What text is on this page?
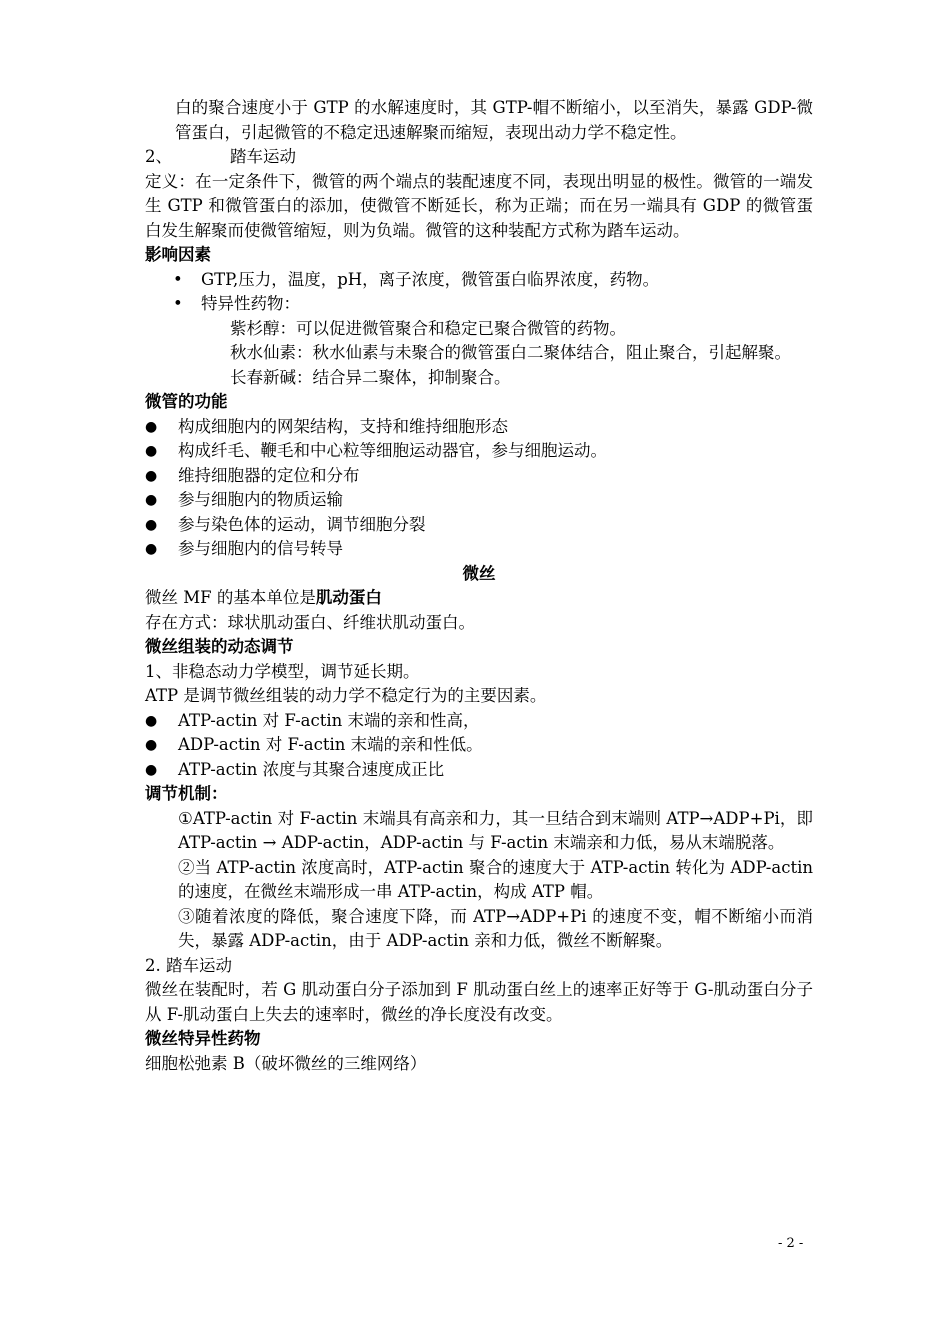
白的聚合速度小于 GTP 的水解速度时，其 GTP-帽不断缩小，以至消失，暴露 GDP-微管蛋白，引起微管的不稳定迅速解聚而缩短，表现出动力学不稳定性。

2、	踏车运动

定义：在一定条件下，微管的两个端点的装配速度不同，表现出明显的极性。微管的一端发生 GTP 和微管蛋白的添加，使微管不断延长，称为正端；而在另一端具有 GDP 的微管蛋白发生解聚而使微管缩短，则为负端。微管的这种装配方式称为踏车运动。

影响因素
•	GTP,压力，温度，pH，离子浓度，微管蛋白临界浓度，药物。
•	特异性药物：

紫杉醇：可以促进微管聚合和稳定已聚合微管的药物。

秋水仙素：秋水仙素与未聚合的微管蛋白二聚体结合，阻止聚合，引起解聚。

长春新碱：结合异二聚体，抑制聚合。

微管的功能
●	构成细胞内的网架结构，支持和维持细胞形态
●	构成纤毛、鞭毛和中心粒等细胞运动器官，参与细胞运动。
●	维持细胞器的定位和分布
●	参与细胞内的物质运输
●	参与染色体的运动，调节细胞分裂
●	参与细胞内的信号转导
微丝
微丝 MF 的基本单位是肌动蛋白
存在方式：球状肌动蛋白、纤维状肌动蛋白。
微丝组装的动态调节
1、非稳态动力学模型，调节延长期。
ATP 是调节微丝组装的动力学不稳定行为的主要因素。
●	ATP-actin 对 F-actin 末端的亲和性高，
●	ADP-actin 对 F-actin 末端的亲和性低。
●	ATP-actin 浓度与其聚合速度成正比
调节机制：

①ATP-actin 对 F-actin 末端具有高亲和力，其一旦结合到末端则 ATP→ADP+Pi，即 ATP-actin → ADP-actin，ADP-actin 与 F-actin 末端亲和力低，易从末端脱落。

②当 ATP-actin 浓度高时，ATP-actin 聚合的速度大于 ATP-actin 转化为 ADP-actin 的速度，在微丝末端形成一串 ATP-actin，构成 ATP 帽。

③随着浓度的降低，聚合速度下降，而 ATP→ADP+Pi 的速度不变，帽不断缩小而消失，暴露 ADP-actin，由于 ADP-actin 亲和力低，微丝不断解聚。

2. 踏车运动

微丝在装配时，若 G 肌动蛋白分子添加到 F 肌动蛋白丝上的速率正好等于 G-肌动蛋白分子从 F-肌动蛋白上失去的速率时，微丝的净长度没有改变。

微丝特异性药物
细胞松弛素 B（破坏微丝的三维网络）
- 2 -
